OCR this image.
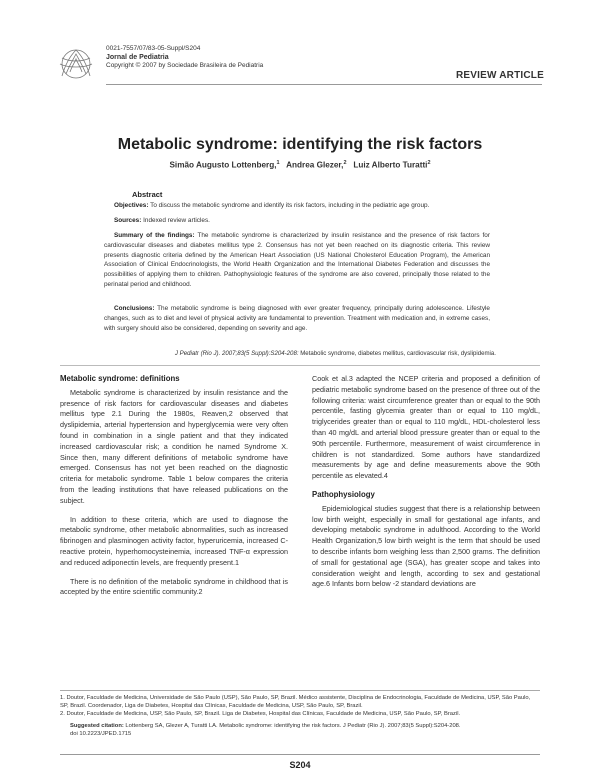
0021-7557/07/83-05-Suppl/S204
Jornal de Pediatria
Copyright © 2007 by Sociedade Brasileira de Pediatria
REVIEW ARTICLE
Metabolic syndrome: identifying the risk factors
Simão Augusto Lottenberg,$^1$ Andrea Glezer,$^2$ Luiz Alberto Turatti$^2$
Abstract
Objectives: To discuss the metabolic syndrome and identify its risk factors, including in the pediatric age group.
Sources: Indexed review articles.
Summary of the findings: The metabolic syndrome is characterized by insulin resistance and the presence of risk factors for cardiovascular diseases and diabetes mellitus type 2. Consensus has not yet been reached on its diagnostic criteria. This review presents diagnostic criteria defined by the American Heart Association (US National Cholesterol Education Program), the American Association of Clinical Endocrinologists, the World Health Organization and the International Diabetes Federation and discusses the possibilities of applying them to children. Pathophysiologic features of the syndrome are also covered, principally those related to the perinatal period and childhood.
Conclusions: The metabolic syndrome is being diagnosed with ever greater frequency, principally during adolescence. Lifestyle changes, such as to diet and level of physical activity are fundamental to prevention. Treatment with medication and, in extreme cases, with surgery should also be considered, depending on severity and age.
J Pediatr (Rio J). 2007;83(5 Suppl):S204-208: Metabolic syndrome, diabetes mellitus, cardiovascular risk, dyslipidemia.
Metabolic syndrome: definitions

Metabolic syndrome is characterized by insulin resistance and the presence of risk factors for cardiovascular diseases and diabetes mellitus type 2.1 During the 1980s, Reaven,2 observed that dyslipidemia, arterial hypertension and hyperglycemia were very often found in combination in a single patient and that they indicated increased cardiovascular risk; a condition he named Syndrome X. Since then, many different definitions of metabolic syndrome have emerged. Consensus has not yet been reached on the diagnostic criteria for metabolic syndrome. Table 1 below compares the criteria from the leading institutions that have released publications on the subject.

In addition to these criteria, which are used to diagnose the metabolic syndrome, other metabolic abnormalities, such as increased fibrinogen and plasminogen activity factor, hyperuricemia, increased C-reactive protein, hyperhomocysteinemia, increased TNF-α expression and reduced adiponectin levels, are frequently present.1

There is no definition of the metabolic syndrome in childhood that is accepted by the entire scientific community.2

Cook et al.3 adapted the NCEP criteria and proposed a definition of pediatric metabolic syndrome based on the presence of three out of the following criteria: waist circumference greater than or equal to the 90th percentile, fasting glycemia greater than or equal to 110 mg/dL, triglycerides greater than or equal to 110 mg/dL, HDL-cholesterol less than 40 mg/dL and arterial blood pressure greater than or equal to the 90th percentile. Furthermore, measurement of waist circumference in children is not standardized. Some authors have standardized measurements by age and define measurements above the 90th percentile as elevated.4

Pathophysiology

Epidemiological studies suggest that there is a relationship between low birth weight, especially in small for gestational age infants, and developing metabolic syndrome in adulthood. According to the World Health Organization,5 low birth weight is the term that should be used to describe infants born weighing less than 2,500 grams. The definition of small for gestational age (SGA), has greater scope and takes into consideration weight and length, according to sex and gestational age.6 Infants born below -2 standard deviations are

1. Doutor, Faculdade de Medicina, Universidade de São Paulo (USP), São Paulo, SP, Brazil. Médico assistente, Disciplina de Endocrinologia, Faculdade de Medicina, USP, São Paulo, SP, Brazil. Coordenador, Liga de Diabetes, Hospital das Clínicas, Faculdade de Medicina, USP, São Paulo, SP, Brazil.
2. Doutor, Faculdade de Medicina, USP, São Paulo, SP, Brazil. Liga de Diabetes, Hospital das Clínicas, Faculdade de Medicina, USP, São Paulo, SP, Brazil.
Suggested citation: Lottenberg SA, Glezer A, Turatti LA. Metabolic syndrome: identifying the risk factors. J Pediatr (Rio J). 2007;83(5 Suppl):S204-208.
doi 10.2223/JPED.1715
S204
